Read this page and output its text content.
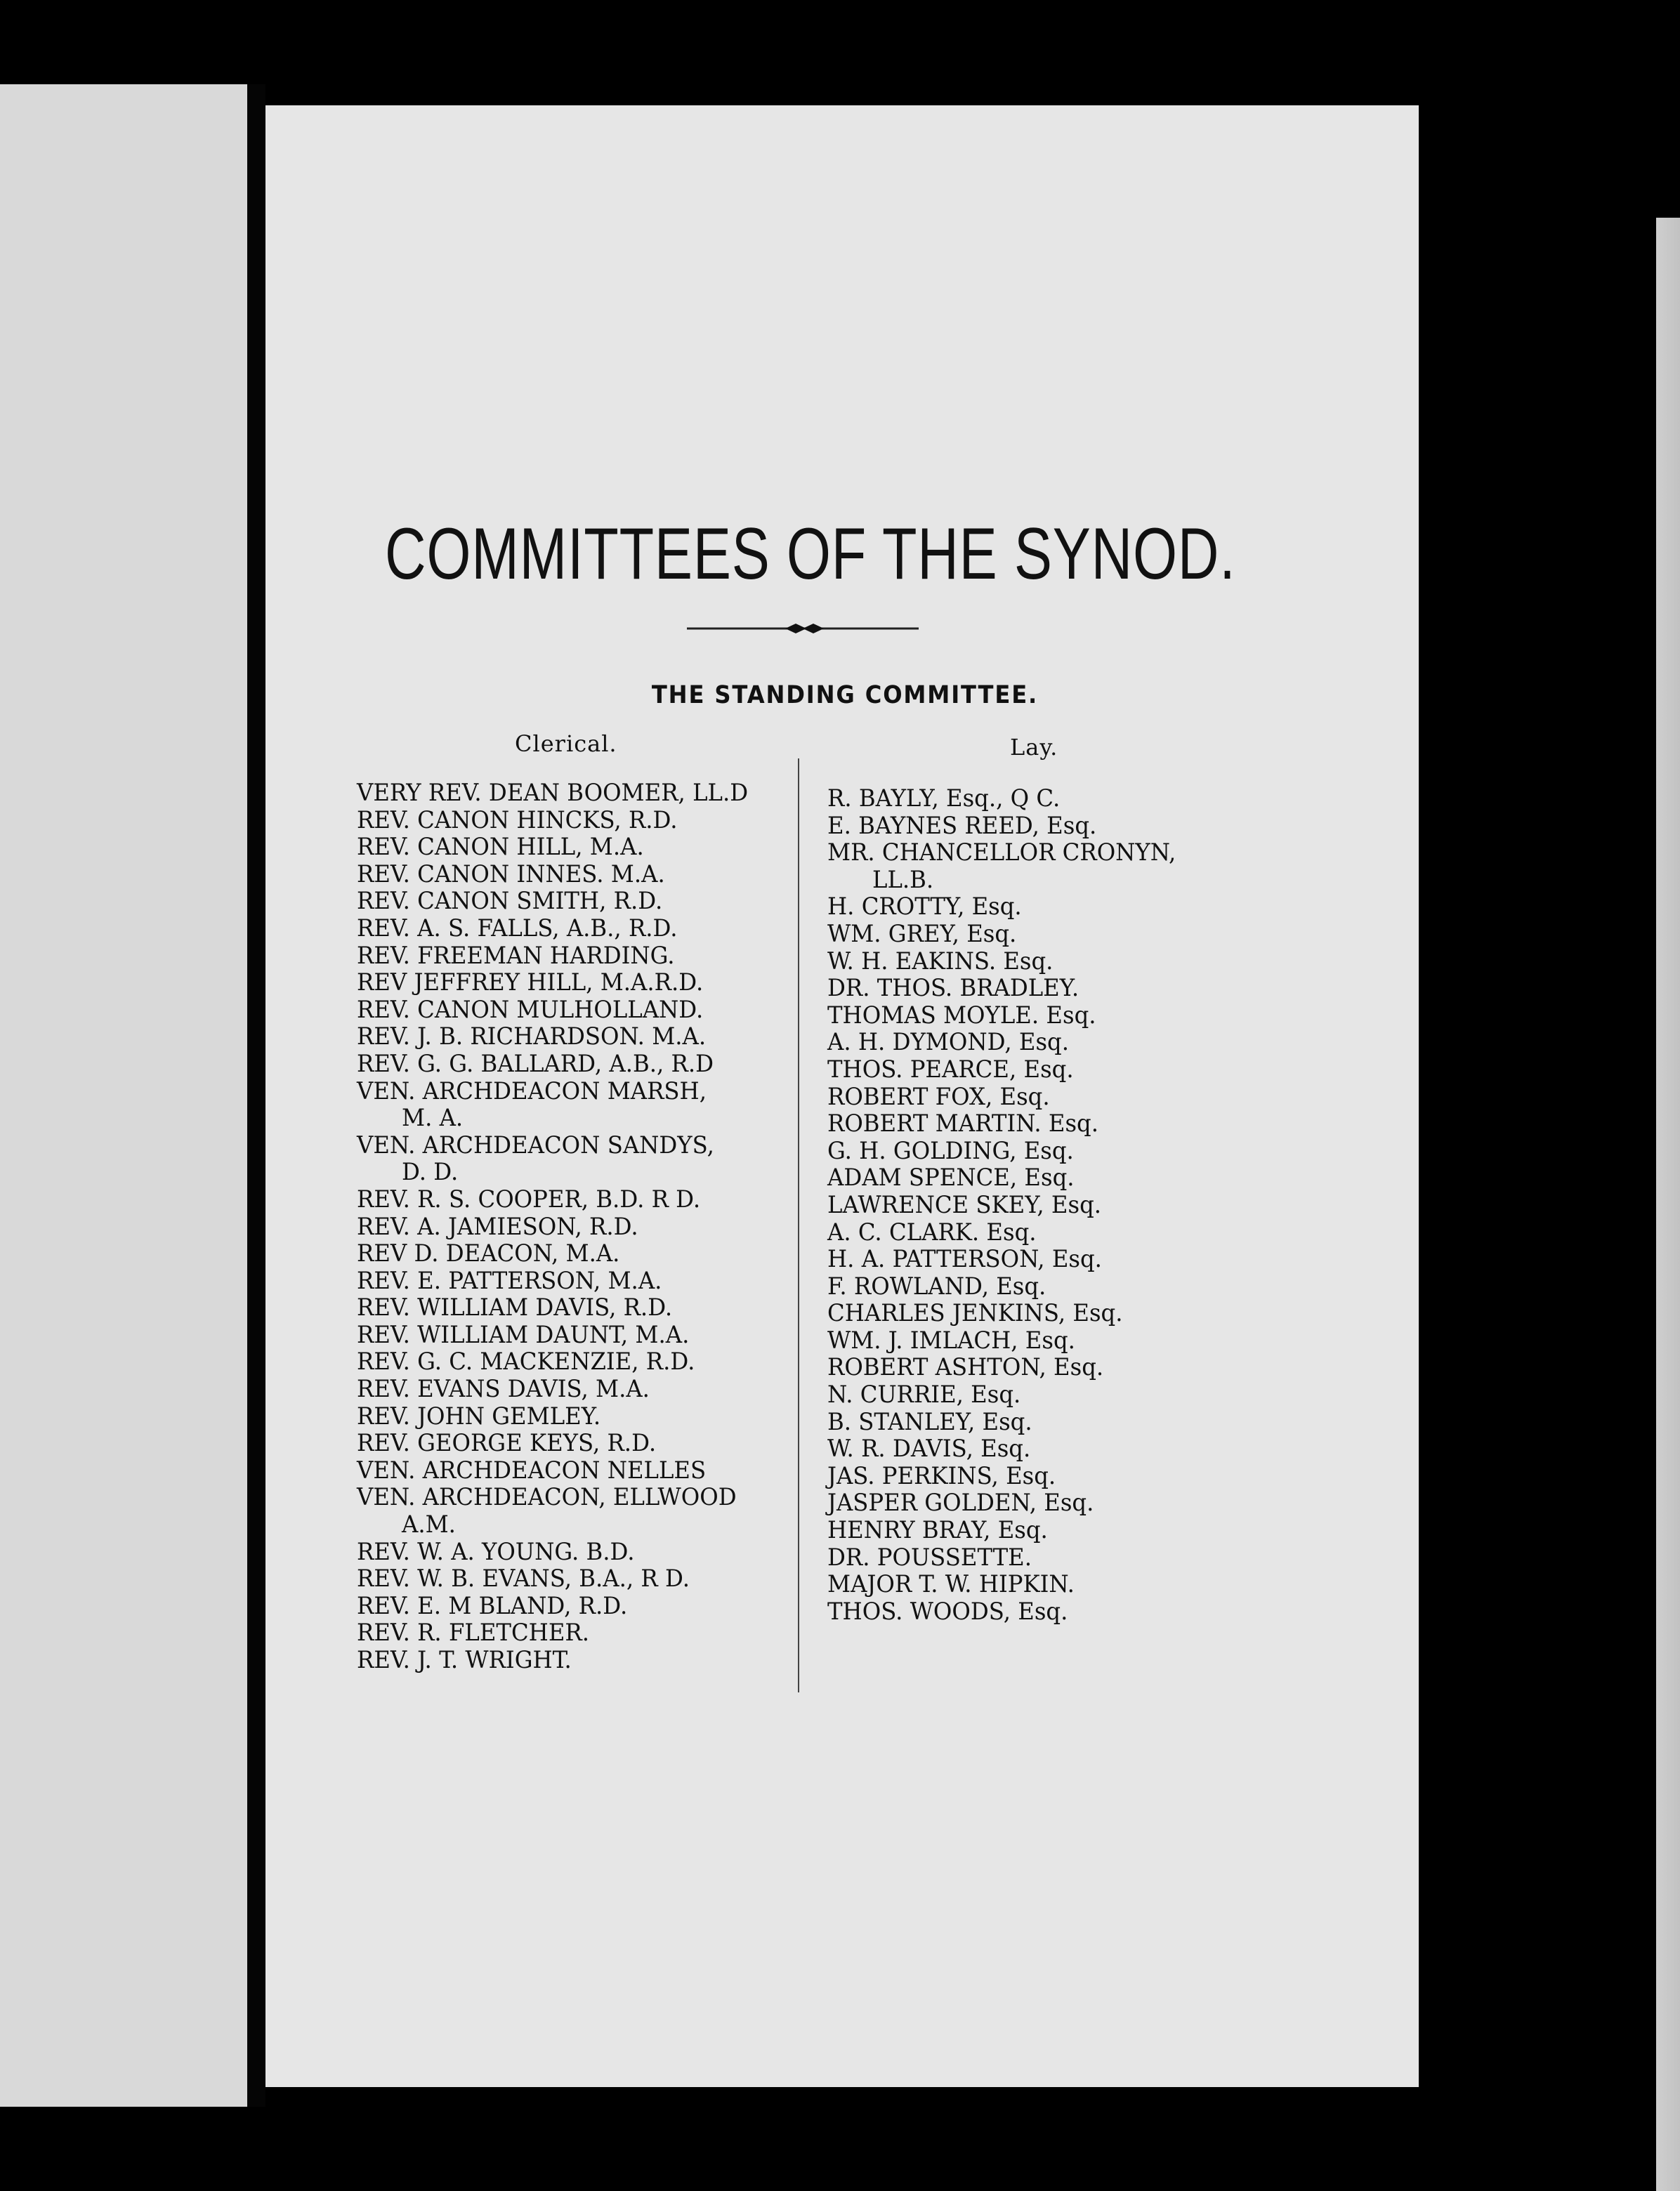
COMMITTEES OF THE SYNOD.
THE STANDING COMMITTEE.

Clerical.	Lay.

VERY REV. DEAN BOOMER, LL.D
REV. CANON HINCKS, R.D.
REV. CANON HILL, M.A.
REV. CANON INNES. M.A.
REV. CANON SMITH, R.D.
REV. A. S. FALLS, A.B., R.D.
REV. FREEMAN HARDING.
REV JEFFREY HILL, M.A.R.D.
REV. CANON MULHOLLAND.
REV. J. B. RICHARDSON. M.A.
REV. G. G. BALLARD, A.B., R.D
VEN. ARCHDEACON MARSH,
M. A.
VEN. ARCHDEACON SANDYS,
D. D.
REV. R. S. COOPER, B.D. R D.
REV. A. JAMIESON, R.D.
REV D. DEACON, M.A.
REV. E. PATTERSON, M.A.
REV. WILLIAM DAVIS, R.D.
REV. WILLIAM DAUNT, M.A.
REV. G. C. MACKENZIE, R.D.
REV. EVANS DAVIS, M.A.
REV. JOHN GEMLEY.
REV. GEORGE KEYS, R.D.
VEN. ARCHDEACON NELLES
VEN. ARCHDEACON, ELLWOOD
A.M.
REV. W. A. YOUNG. B.D.
REV. W. B. EVANS, B.A., R D.
REV. E. M BLAND, R.D.
REV. R. FLETCHER.
REV. J. T. WRIGHT.
R. BAYLY, Esq., Q C.
E. BAYNES REED, Esq.
MR. CHANCELLOR CRONYN,
LL.B.
H. CROTTY, Esq.
WM. GREY, Esq.
W. H. EAKINS. Esq.
DR. THOS. BRADLEY.
THOMAS MOYLE. Esq.
A. H. DYMOND, Esq.
THOS. PEARCE, Esq.
ROBERT FOX, Esq.
ROBERT MARTIN. Esq.
G. H. GOLDING, Esq.
ADAM SPENCE, Esq.
LAWRENCE SKEY, Esq.
A. C. CLARK. Esq.
H. A. PATTERSON, Esq.
F. ROWLAND, Esq.
CHARLES JENKINS, Esq.
WM. J. IMLACH, Esq.
ROBERT ASHTON, Esq.
N. CURRIE, Esq.
B. STANLEY, Esq.
W. R. DAVIS, Esq.
JAS. PERKINS, Esq.
JASPER GOLDEN, Esq.
HENRY BRAY, Esq.
DR. POUSSETTE.
MAJOR T. W. HIPKIN.
THOS. WOODS, Esq.
